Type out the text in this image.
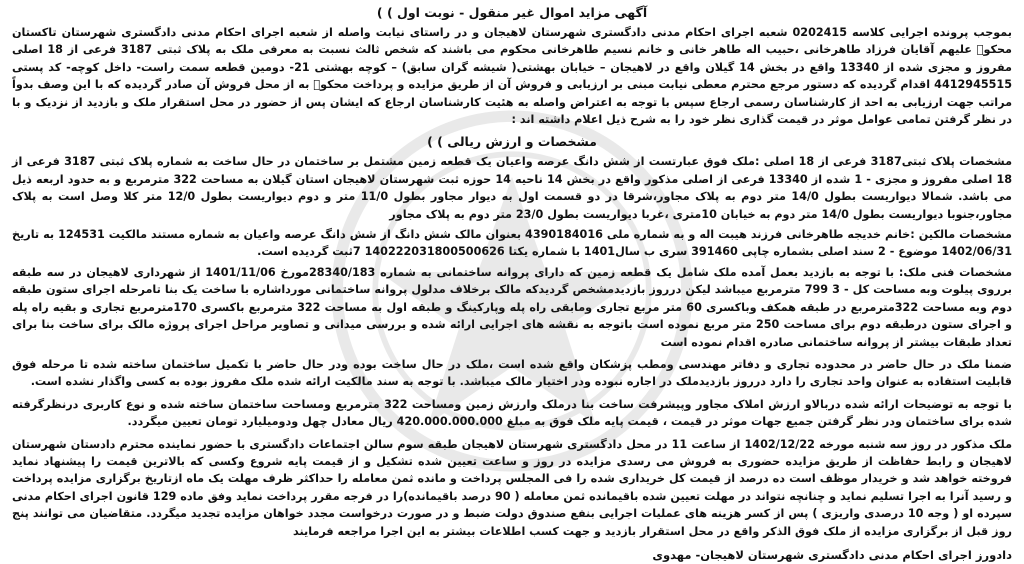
آگهی مزاید اموال غیر منقول - نوبت اول ) )

بموجب پرونده اجرایی کلاسه 0202415 شعبه اجرای احکام مدنی دادگستری شهرستان لاهیجان و در راستای نیابت واصله از شعبه اجرای احکام مدنی دادگستری شهرستان تاکستان محکوۖ علیهم آقایان فرزاد طاهرخانی ،حبیب اله طاهر خانی و خانم نسیم طاهرخانی محکوم می باشند که شخص ثالث نسبت به معرفی ملک به پلاک ثبتی 3187 فرعی از 18 اصلی مفروز و مجزی شده از 13340 واقع در بخش 14 گیلان واقع در لاهیجان – خیابان بهشتی( شیشه گران سابق) – کوچه بهشتی 21- دومین قطعه سمت راست- داخل کوچه- کد پستی 4412945515 اقدام گردیده که دستور مرجع محترم معطی نیابت مبنی بر ارزیابی و فروش آن از طریق مزایده و پرداخت محکوۖ به از محل فروش آن صادر گردیده که با این وصف بدواً مراتب جهت ارزیابی به احد از کارشناسان رسمی ارجاع سپس با توجه به اعتراض واصله به هئیت کارشناسان ارجاع که ایشان پس از حضور در محل استقرار ملک و بازدید از نزدیک و با در نظر گرفتن تمامی عوامل موثر در قیمت گذاری نظر خود را به شرح ذیل اعلام داشته اند :

مشخصات و ارزش ریالی ) )

مشخصات پلاک ثبتی3187 فرعی از 18 اصلی :ملک فوق عبارتست از شش دانگ عرصه واعیان یک قطعه زمین مشتمل بر ساختمان در حال ساخت به شماره پلاک ثبتی 3187 فرعی از 18 اصلی مفروز و مجزی - 1 شده از 13340 فرعی از اصلی مذکور واقع در بخش 14 ناحیه 14 حوزه ثبت شهرستان لاهیجان استان گیلان به مساحت 322 مترمربع و به حدود اربعه ذیل می باشد. شمالا دیواریست بطول 14/0 متر دوم به پلاک مجاور،شرقا در دو قسمت اول به دیوار مجاور بطول 11/0 متر و دوم دیواریست بطول 12/0 متر کلا وصل است به پلاک مجاور،جنوبا دیواریست بطول 14/0 متر دوم به خیابان 10متری ،غربا دیواریست بطول 23/0 متر دوم به پلاک مجاور

مشخصات مالکین :خانم خدیجه طاهرخانی فرزند هیبت اله و به شماره ملی 4390184016 بعنوان مالک شش دانگ از شش دانگ عرصه واعیان به شماره مستند مالکیت 124531 به تاریخ 1402/06/31 موضوع - 2 سند اصلی بشماره چاپی 391460 سری ب سال1401 با شماره یکتا 140222031800500626 7ثبت گردیده است.

مشخصات فنی ملک: با توجه به بازدید بعمل آمده ملک شامل یک قطعه زمین که دارای پروانه ساختمانی به شماره 28340/183مورخ 1401/11/06 از شهرداری لاهیجان در سه طبقه برروی پیلوت وبه مساحت کل - 3 799 مترمربع میباشد لیکن درروز بازدیدمشخص گردیدکه مالک برخلاف مدلول پروانه ساختمانی مورداشاره با ساخت یک بنا تامرحله اجرای ستون طبقه دوم وبه مساحت 322مترمربع در طبقه همکف وباکسری 60 متر مربع تجاری ومابقی راه پله وپارکینگ و طبقه اول به مساحت 322 مترمربع باکسری 170مترمربع تجاری و بقیه راه پله و اجرای ستون درطبقه دوم برای مساحت 250 متر مربع نموده است باتوجه به نقشه های اجرایی ارائه شده و بررسی میدانی و تصاویر مراحل اجرای پروژه مالک برای ساخت بنا برای تعداد طبقات بیشتر از پروانه ساختمانی صادره اقدام نموده است

ضمنا ملک در حال حاضر در محدوده تجاری و دفاتر مهندسی ومطب پزشکان واقع شده است ،ملک در حال ساخت بوده ودر حال حاضر با تکمیل ساختمان ساخته شده تا مرحله فوق قابلیت استفاده به عنوان واحد تجاری را دارد درروز بازدیدملک در اجاره نبوده ودر اختیار مالک میباشد. با توجه به سند مالکیت ارائه شده ملک مفروز بوده به کسی واگذار نشده است.

با توجه به توضیحات ارائه شده دربالاو ارزش املاک مجاور وپیشرفت ساخت بنا درملک وارزش زمین ومساحت 322 مترمربع ومساحت ساختمان ساخته شده و نوع کاربری درنظرگرفته شده برای ساختمان ودر نظر گرفتن جمیع جهات موثر در قیمت ، قیمت پایه ملک فوق به مبلغ 420.000.000.000 ریال معادل چهل ودومیلیارد تومان تعیین میگردد.

ملک مذکور در روز سه شنبه مورخه 1402/12/22 از ساعت 11 در محل دادگستری شهرستان لاهیجان طبقه سوم سالن اجتماعات دادگستری با حضور نماینده محترم دادستان شهرستان لاهیجان و رابط حفاظت از طریق مزایده حضوری به فروش می رسدی مزایده در روز و ساعت تعیین شده تشکیل و از قیمت پایه شروع وکسی که بالاترین قیمت را پیشنهاد نماید فروخته خواهد شد و خریدار موظف است ده درصد از قیمت کل خریداری شده را فی المجلس پرداخت و مانده ثمن معامله را حداکثر ظرف مهلت یک ماه ازتاریخ برگزاری مزایده پرداخت و رسید آنرا به اجرا تسلیم نماید و چنانچه نتواند در مهلت تعیین شده باقیمانده ثمن معامله ( 90 درصد باقیمانده)را در فرجه مقرر پرداخت نماید وفق ماده 129 قانون اجرای احکام مدنی سپرده او ( وجه 10 درصدی واریزی ) پس از کسر هزینه های عملیات اجرایی بنفع صندوق دولت ضبط و در صورت درخواست مجدد خواهان مزایده تجدید میگردد. متقاضیان می توانند پنج روز قبل از برگزاری مزایده از ملک فوق الذکر واقع در محل استقرار بازدید و جهت کسب اطلاعات بیشتر به این اجرا مراجعه فرمایند

دادورز اجرای احکام مدنی دادگستری شهرستان لاهیجان- مهدوی
